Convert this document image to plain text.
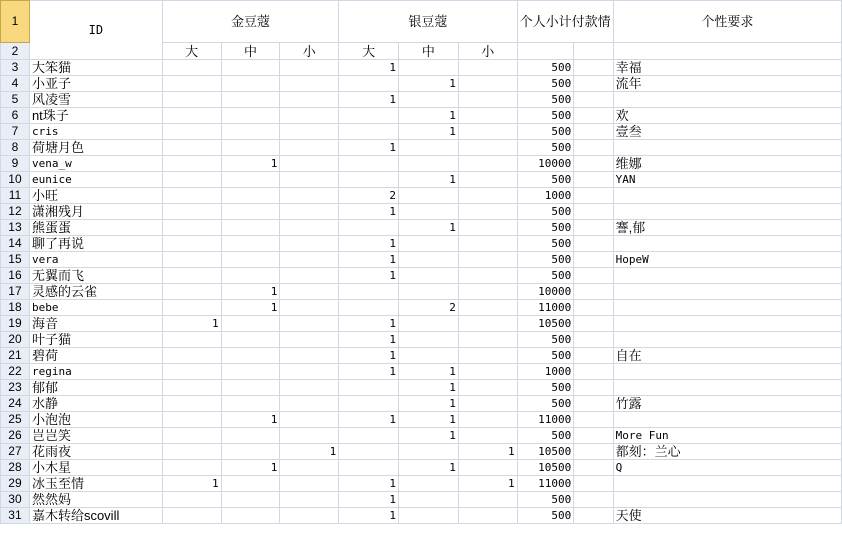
1	ID	金豆蔻			银豆蔻			个人小计付款情		个性要求
2		大	中	小	大	中	小			
3	大笨猫				1			500		幸福
4	小亚子					1		500		流年
5	风凌雪				1			500		
6	nt珠子					1		500		欢
7	cris					1		500		壹叁
8	荷塘月色				1			500		
9	vena_w		1					10000		维娜
10	eunice					1		500		YAN
11	小旺				2			1000		
12	潇湘残月				1			500		
13	熊蛋蛋					1		500		謇,郁
14	聊了再说				1			500		
15	vera				1			500		HopeW
16	无翼而飞				1			500		
17	灵感的云雀		1					10000		
18	bebe		1			2		11000		
19	海音	1			1			10500		
20	叶子猫				1			500		
21	碧荷				1			500		自在
22	regina				1	1		1000		
23	郁郁					1		500		
24	水静					1		500		竹露
25	小泡泡		1		1	1		11000		
26	岂岂笑					1		500		More Fun
27	花雨夜			1			1	10500		都刻：兰心
28	小木星		1			1		10500		Q
29	冰玉至情	1			1		1	11000		
30	然然妈				1			500		
31	嘉木转给scovill				1			500		天使
